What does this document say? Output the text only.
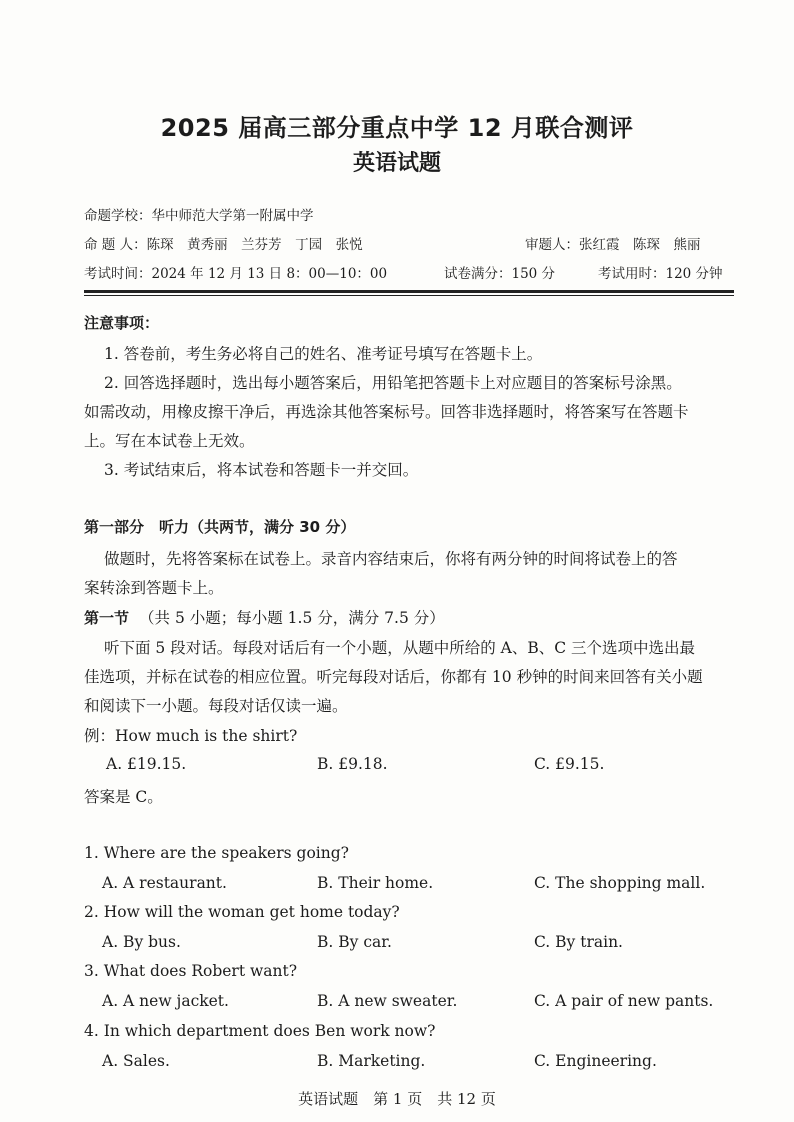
2025 届高三部分重点中学 12 月联合测评
英语试题
命题学校：华中师范大学第一附属中学
命 题 人：陈琛　黄秀丽　兰芬芳　丁园　张悦	审题人：张红霞　陈琛　熊丽
考试时间：2024 年 12 月 13 日 8：00—10：00	试卷满分：150 分	考试用时：120 分钟
注意事项：
1. 答卷前，考生务必将自己的姓名、准考证号填写在答题卡上。
2. 回答选择题时，选出每小题答案后，用铅笔把答题卡上对应题目的答案标号涂黑。
如需改动，用橡皮擦干净后，再选涂其他答案标号。回答非选择题时，将答案写在答题卡
上。写在本试卷上无效。
3. 考试结束后，将本试卷和答题卡一并交回。
第一部分　听力（共两节，满分 30 分）
做题时，先将答案标在试卷上。录音内容结束后，你将有两分钟的时间将试卷上的答
案转涂到答题卡上。
第一节 （共 5 小题；每小题 1.5 分，满分 7.5 分）
听下面 5 段对话。每段对话后有一个小题，从题中所给的 A、B、C 三个选项中选出最
佳选项，并标在试卷的相应位置。听完每段对话后，你都有 10 秒钟的时间来回答有关小题
和阅读下一小题。每段对话仅读一遍。
例：How much is the shirt?
A. £19.15.	B. £9.18.	C. £9.15.
答案是 C。
1. Where are the speakers going?
A. A restaurant.	B. Their home.	C. The shopping mall.
2. How will the woman get home today?
A. By bus.	B. By car.	C. By train.
3. What does Robert want?
A. A new jacket.	B. A new sweater.	C. A pair of new pants.
4. In which department does Ben work now?
A. Sales.	B. Marketing.	C. Engineering.
英语试题　第 1 页　共 12 页
